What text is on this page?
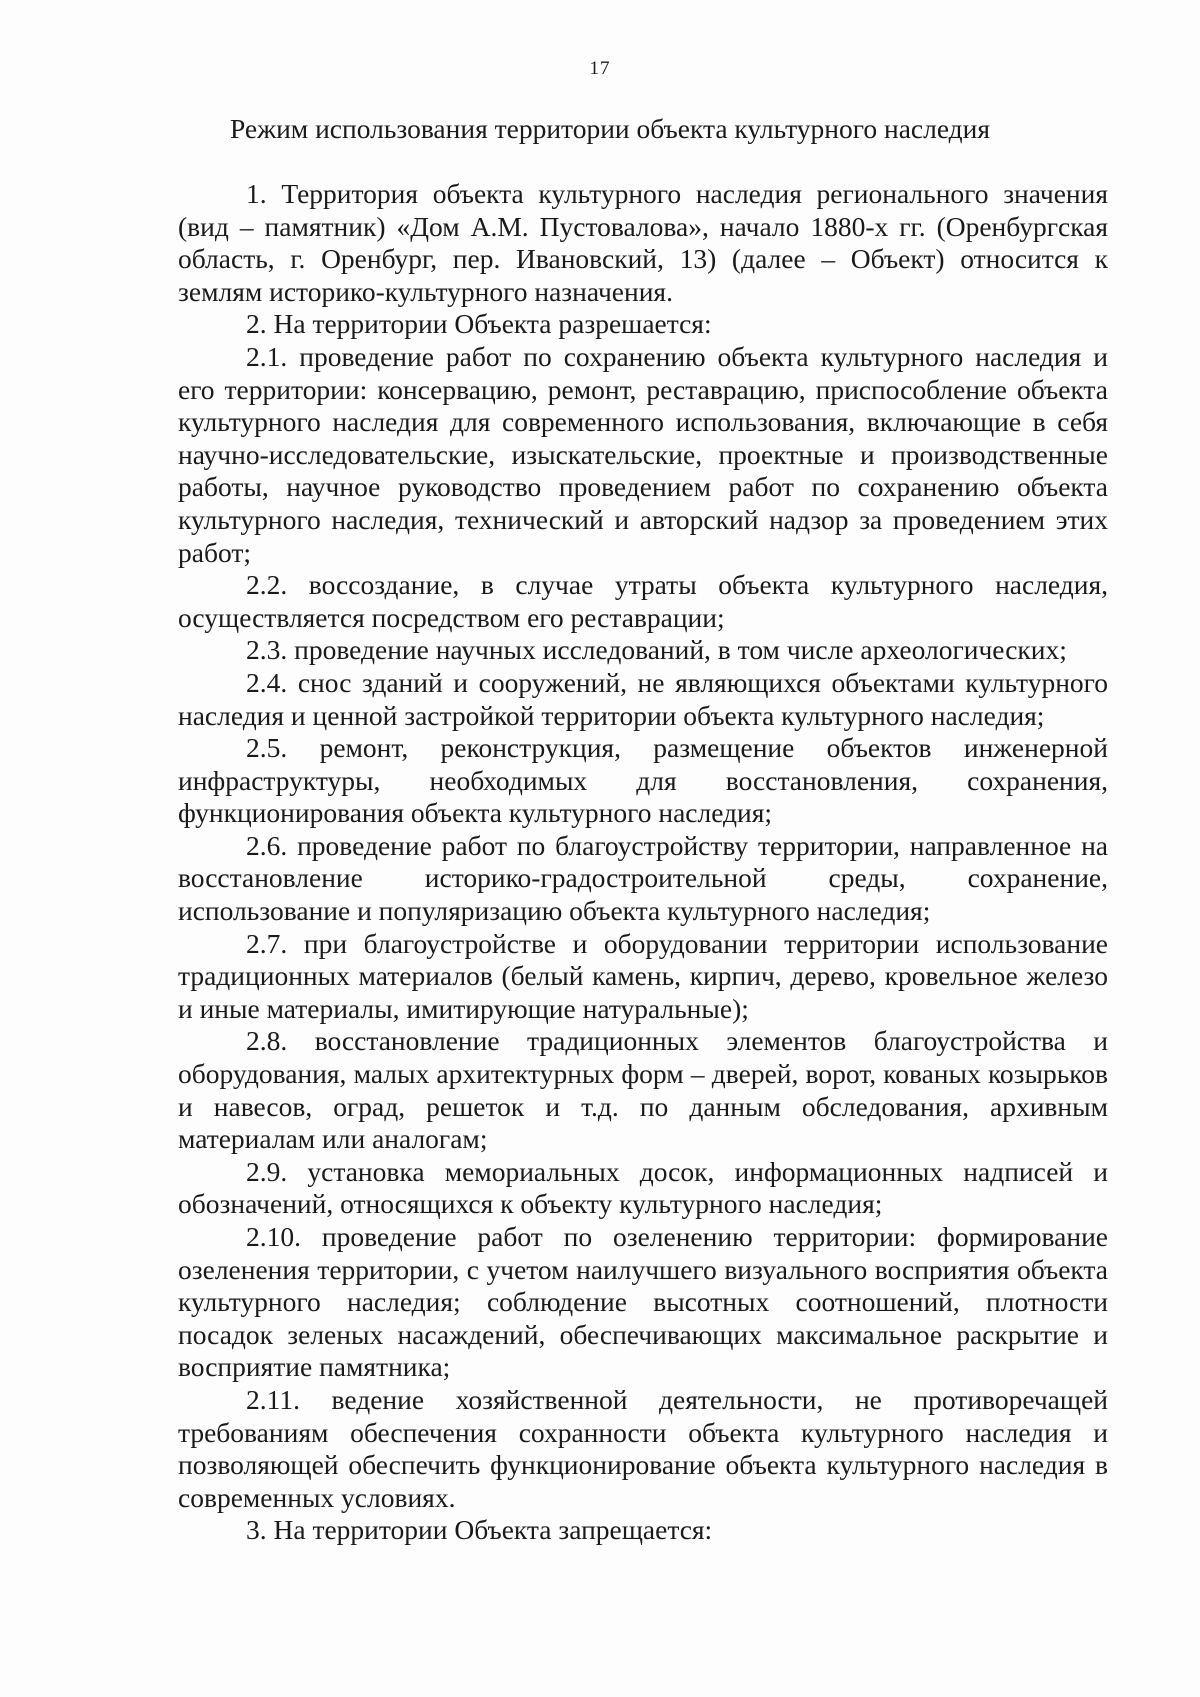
17
Режим использования территории объекта культурного наследия

1. Территория объекта культурного наследия регионального значения (вид – памятник) «Дом А.М. Пустовалова», начало 1880-х гг. (Оренбургская область, г. Оренбург, пер. Ивановский, 13) (далее – Объект) относится к землям историко-культурного назначения.

2. На территории Объекта разрешается:

2.1. проведение работ по сохранению объекта культурного наследия и его территории: консервацию, ремонт, реставрацию, приспособление объекта культурного наследия для современного использования, включающие в себя научно-исследовательские, изыскательские, проектные и производственные работы, научное руководство проведением работ по сохранению объекта культурного наследия, технический и авторский надзор за проведением этих работ;

2.2. воссоздание, в случае утраты объекта культурного наследия, осуществляется посредством его реставрации;

2.3. проведение научных исследований, в том числе археологических;

2.4. снос зданий и сооружений, не являющихся объектами культурного наследия и ценной застройкой территории объекта культурного наследия;

2.5. ремонт, реконструкция, размещение объектов инженерной инфраструктуры, необходимых для восстановления, сохранения, функционирования объекта культурного наследия;

2.6. проведение работ по благоустройству территории, направленное на восстановление историко-градостроительной среды, сохранение, использование и популяризацию объекта культурного наследия;

2.7. при благоустройстве и оборудовании территории использование традиционных материалов (белый камень, кирпич, дерево, кровельное железо и иные материалы, имитирующие натуральные);

2.8. восстановление традиционных элементов благоустройства и оборудования, малых архитектурных форм – дверей, ворот, кованых козырьков и навесов, оград, решеток и т.д. по данным обследования, архивным материалам или аналогам;

2.9. установка мемориальных досок, информационных надписей и обозначений, относящихся к объекту культурного наследия;

2.10. проведение работ по озеленению территории: формирование озеленения территории, с учетом наилучшего визуального восприятия объекта культурного наследия; соблюдение высотных соотношений, плотности посадок зеленых насаждений, обеспечивающих максимальное раскрытие и восприятие памятника;

2.11. ведение хозяйственной деятельности, не противоречащей требованиям обеспечения сохранности объекта культурного наследия и позволяющей обеспечить функционирование объекта культурного наследия в современных условиях.

3. На территории Объекта запрещается:
